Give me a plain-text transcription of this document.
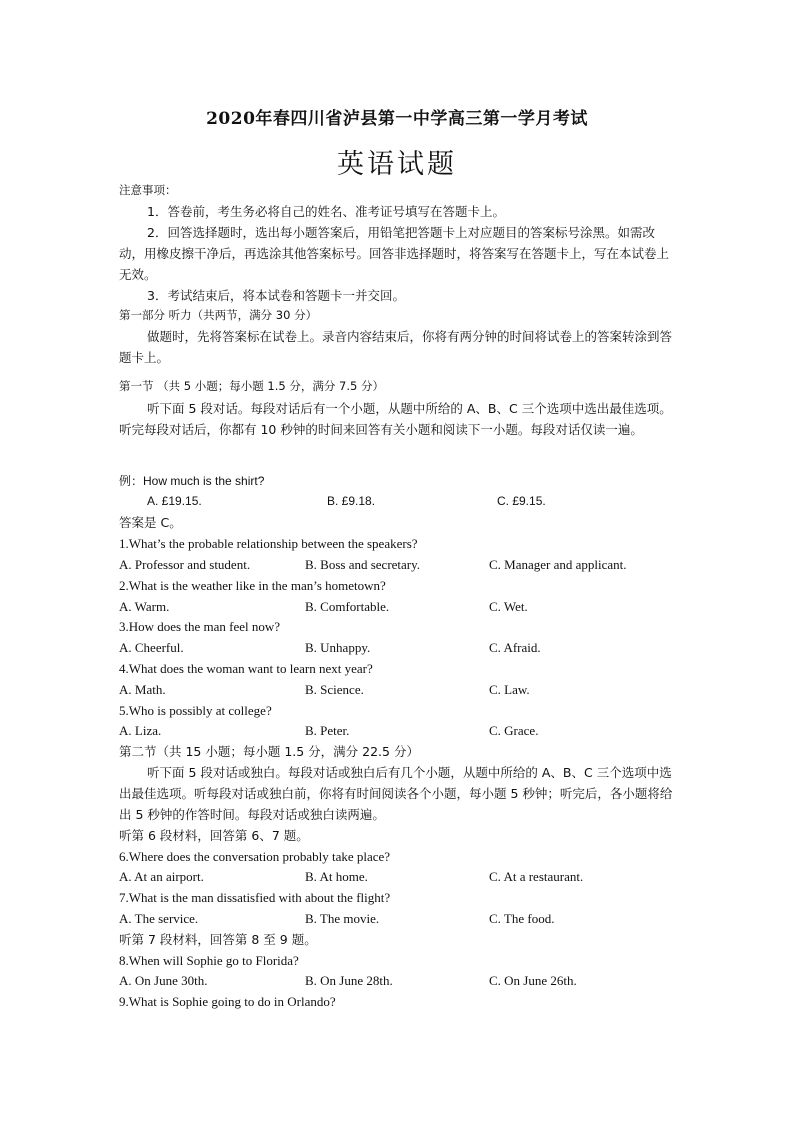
2020年春四川省泸县第一中学高三第一学月考试
英语试题

注意事项：

1．答卷前，考生务必将自己的姓名、准考证号填写在答题卡上。

2．回答选择题时，选出每小题答案后，用铅笔把答题卡上对应题目的答案标号涂黑。如需改动，用橡皮擦干净后，再选涂其他答案标号。回答非选择题时，将答案写在答题卡上，写在本试卷上无效。

3．考试结束后，将本试卷和答题卡一并交回。

第一部分 听力（共两节，满分 30 分）

做题时，先将答案标在试卷上。录音内容结束后，你将有两分钟的时间将试卷上的答案转涂到答题卡上。

第一节 （共 5 小题；每小题 1.5 分，满分 7.5 分）

听下面 5 段对话。每段对话后有一个小题，从题中所给的 A、B、C 三个选项中选出最佳选项。听完每段对话后，你都有 10 秒钟的时间来回答有关小题和阅读下一小题。每段对话仅读一遍。

例：How much is the shirt?

A. £19.15.	B. £9.18.	C. £9.15.

答案是 C。

1.What’s the probable relationship between the speakers?

A. Professor and student.	B. Boss and secretary.	C. Manager and applicant.

2.What is the weather like in the man’s hometown?

A. Warm.	B. Comfortable.	C. Wet.

3.How does the man feel now?

A. Cheerful.	B. Unhappy.	C. Afraid.

4.What does the woman want to learn next year?

A. Math.	B. Science.	C. Law.

5.Who is possibly at college?

A. Liza.	B. Peter.	C. Grace.

第二节（共 15 小题；每小题 1.5 分，满分 22.5 分）

听下面 5 段对话或独白。每段对话或独白后有几个小题，从题中所给的 A、B、C 三个选项中选出最佳选项。听每段对话或独白前，你将有时间阅读各个小题，每小题 5 秒钟；听完后，各小题将给出 5 秒钟的作答时间。每段对话或独白读两遍。

听第 6 段材料，回答第 6、7 题。

6.Where does the conversation probably take place?

A. At an airport.	B. At home.	C. At a restaurant.

7.What is the man dissatisfied with about the flight?

A. The service.	B. The movie.	C. The food.

听第 7 段材料，回答第 8 至 9 题。

8.When will Sophie go to Florida?

A. On June 30th.	B. On June 28th.	C. On June 26th.

9.What is Sophie going to do in Orlando?
